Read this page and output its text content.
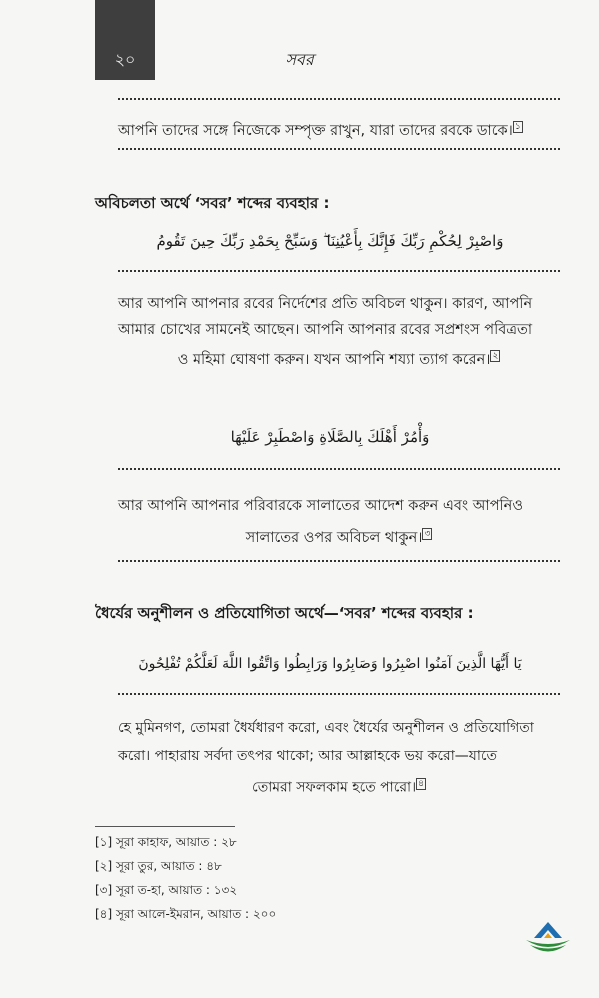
২০	সবর
আপনি তাদের সঙ্গে নিজেকে সম্পৃক্ত রাখুন, যারা তাদের রবকে ডাকে। $^১$
অবিচলতা অর্থে ‘সবর’ শব্দের ব্যবহার :
وَاصْبِرْ لِحُكْمِ رَبِّكَ فَإِنَّكَ بِأَعْيُنِنَا ۖ وَسَبِّحْ بِحَمْدِ رَبِّكَ حِينَ تَقُومُ
আর আপনি আপনার রবের নির্দেশের প্রতি অবিচল থাকুন। কারণ, আপনি
আমার চোখের সামনেই আছেন। আপনি আপনার রবের সপ্রশংস পবিত্রতা
ও মহিমা ঘোষণা করুন। যখন আপনি শয্যা ত্যাগ করেন। $^২$
وَأْمُرْ أَهْلَكَ بِالصَّلَاةِ وَاصْطَبِرْ عَلَيْهَا
আর আপনি আপনার পরিবারকে সালাতের আদেশ করুন এবং আপনিও
সালাতের ওপর অবিচল থাকুন। $^৩$
ধৈর্যের অনুশীলন ও প্রতিযোগিতা অর্থে—‘সবর’ শব্দের ব্যবহার :
يَا أَيُّهَا الَّذِينَ آمَنُوا اصْبِرُوا وَصَابِرُوا وَرَابِطُوا وَاتَّقُوا اللَّهَ لَعَلَّكُمْ تُفْلِحُونَ
হে মুমিনগণ, তোমরা ধৈর্যধারণ করো, এবং ধৈর্যের অনুশীলন ও প্রতিযোগিতা
করো। পাহারায় সর্বদা তৎপর থাকো; আর আল্লাহকে ভয় করো—যাতে
তোমরা সফলকাম হতে পারো। $^৪$
[১] সূরা কাহাফ, আয়াত : ২৮
[২] সূরা তুর, আয়াত : ৪৮
[৩] সূরা ত-হা, আয়াত : ১৩২
[৪] সূরা আলে-ইমরান, আয়াত : ২০০
